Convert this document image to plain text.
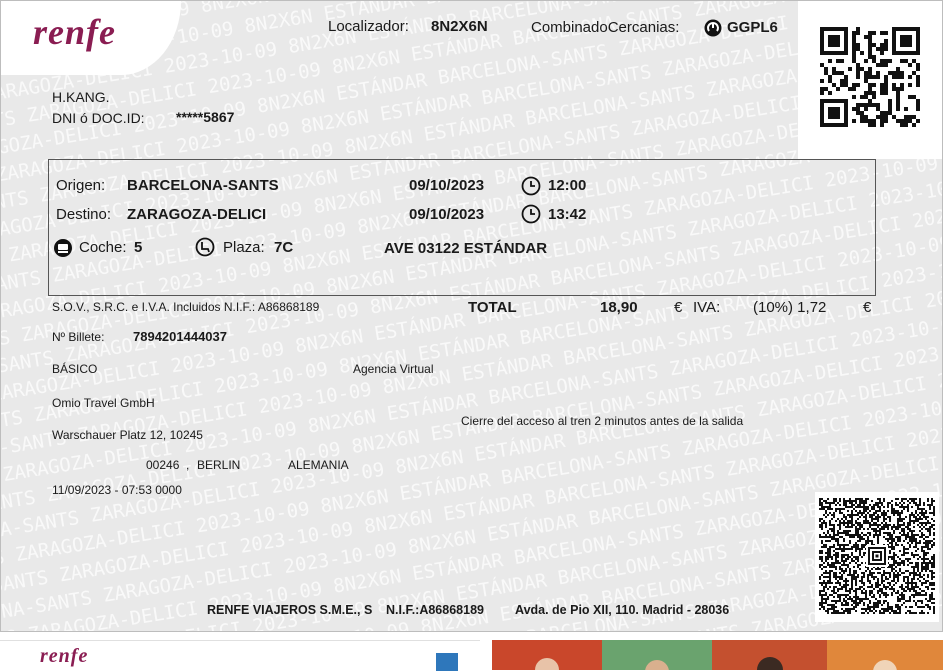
BARCELONA-SANTS ZARAGOZA-DELICI 2023-10-09 8N2X6N ESTÁNDAR BARCELONA-SANTS ZARAGOZA-DELICI
ZARAGOZA-DELICI 2023-10-09 8N2X6N ESTÁNDAR BARCELONA-SANTS ZARAGOZA-DELICI
ZARAGOZA-DELICI 2023-10-09 8N2X6N ESTÁNDAR BARCELONA-SANTS ZARAGOZA-DELICI
BARCELONA-SANTS ZARAGOZA-DELICI 2023-10-09 8N2X6N ESTÁNDAR BARCELONA-SANTS
ZARAGOZA-DELICI 2023-10-09 8N2X6N ESTÁNDAR BARCELONA-SANTS ZARAGOZA-DELICI 2023-10-09
BARCELONA-SANTS ZARAGOZA-DELICI 2023-10-09 8N2X6N ESTÁNDAR BARCELONA-SANTS ZARAGOZA-DELICI 2023-10-09
BARCELONA-SANTS ZARAGOZA-DELICI 2023-10-09 8N2X6N ESTÁNDAR BARCELONA-SANTS ZARAGOZA-DELICI 2023-10-09
ZARAGOZA-DELICI 2023-10-09 8N2X6N ESTÁNDAR BARCELONA-SANTS ZARAGOZA-DELICI 2023-10-09
BARCELONA-SANTS ZARAGOZA-DELICI 2023-10-09 8N2X6N ESTÁNDAR BARCELONA-SANTS ZARAGOZA-DELICI 2023-10-09
BARCELONA-SANTS ZARAGOZA-DELICI 2023-10-09 8N2X6N ESTÁNDAR BARCELONA-SANTS ZARAGOZA-DELICI 2023-10-09
ZARAGOZA-DELICI 2023-10-09 8N2X6N ESTÁNDAR BARCELONA-SANTS ZARAGOZA-DELICI 2023-10-09
BARCELONA-SANTS ZARAGOZA-DELICI 2023-10-09 8N2X6N ESTÁNDAR BARCELONA-SANTS ZARAGOZA-DELICI 2023-10-09
BARCELONA-SANTS ZARAGOZA-DELICI 2023-10-09 8N2X6N ESTÁNDAR BARCELONA-SANTS ZARAGOZA-DELICI 2023-10-09
BARCELONA-SANTS ZARAGOZA-DELICI 2023-10-09 8N2X6N ESTÁNDAR BARCELONA-SANTS ZARAGOZA-DELICI 2023-10-09
BARCELONA-SANTS ZARAGOZA-DELICI 2023-10-09 8N2X6N ESTÁNDAR BARCELONA-SANTS ZARAGOZA-DELICI 2023-10-09
BARCELONA-SANTS ZARAGOZA-DELICI 2023-10-09 8N2X6N ESTÁNDAR BARCELONA-SANTS ZARAGOZA-DELICI
ZARAGOZA-DELICI 2023-10-09 8N2X6N ESTÁNDAR BARCELONA-SANTS ZARAGOZA-DELICI
2023-10-09 8N2X6N ESTÁNDAR BARCELONA-SANTS
8N2X6N ESTÁNDAR BARCELONA-SANTS
BARCELONA-SANTS ZARAGOZA-DELICI
renfe	Localizador: 8N2X6N	CombinadoCercanias:	GGPL6
H.KANG.
DNI ó DOC.ID: *****5867
Origen: BARCELONA-SANTS	09/10/2023	12:00
Destino: ZARAGOZA-DELICI	09/10/2023	13:42
Coche: 5	Plaza: 7C	AVE 03122 ESTÁNDAR
S.O.V., S.R.C. e I.V.A. Incluidos N.I.F.: A86868189	TOTAL	18,90 € IVA: (10%) 1,72 €
Nº Billete: 7894201444037
BÁSICO	Agencia Virtual
Omio Travel GmbH
Cierre del acceso al tren 2 minutos antes de la salida
Warschauer Platz 12, 10245
00246 , BERLIN	ALEMANIA
11/09/2023 - 07:53 0000
RENFE VIAJEROS S.M.E., S N.I.F.:A86868189 Avda. de Pio XII, 110. Madrid - 28036
renfe
